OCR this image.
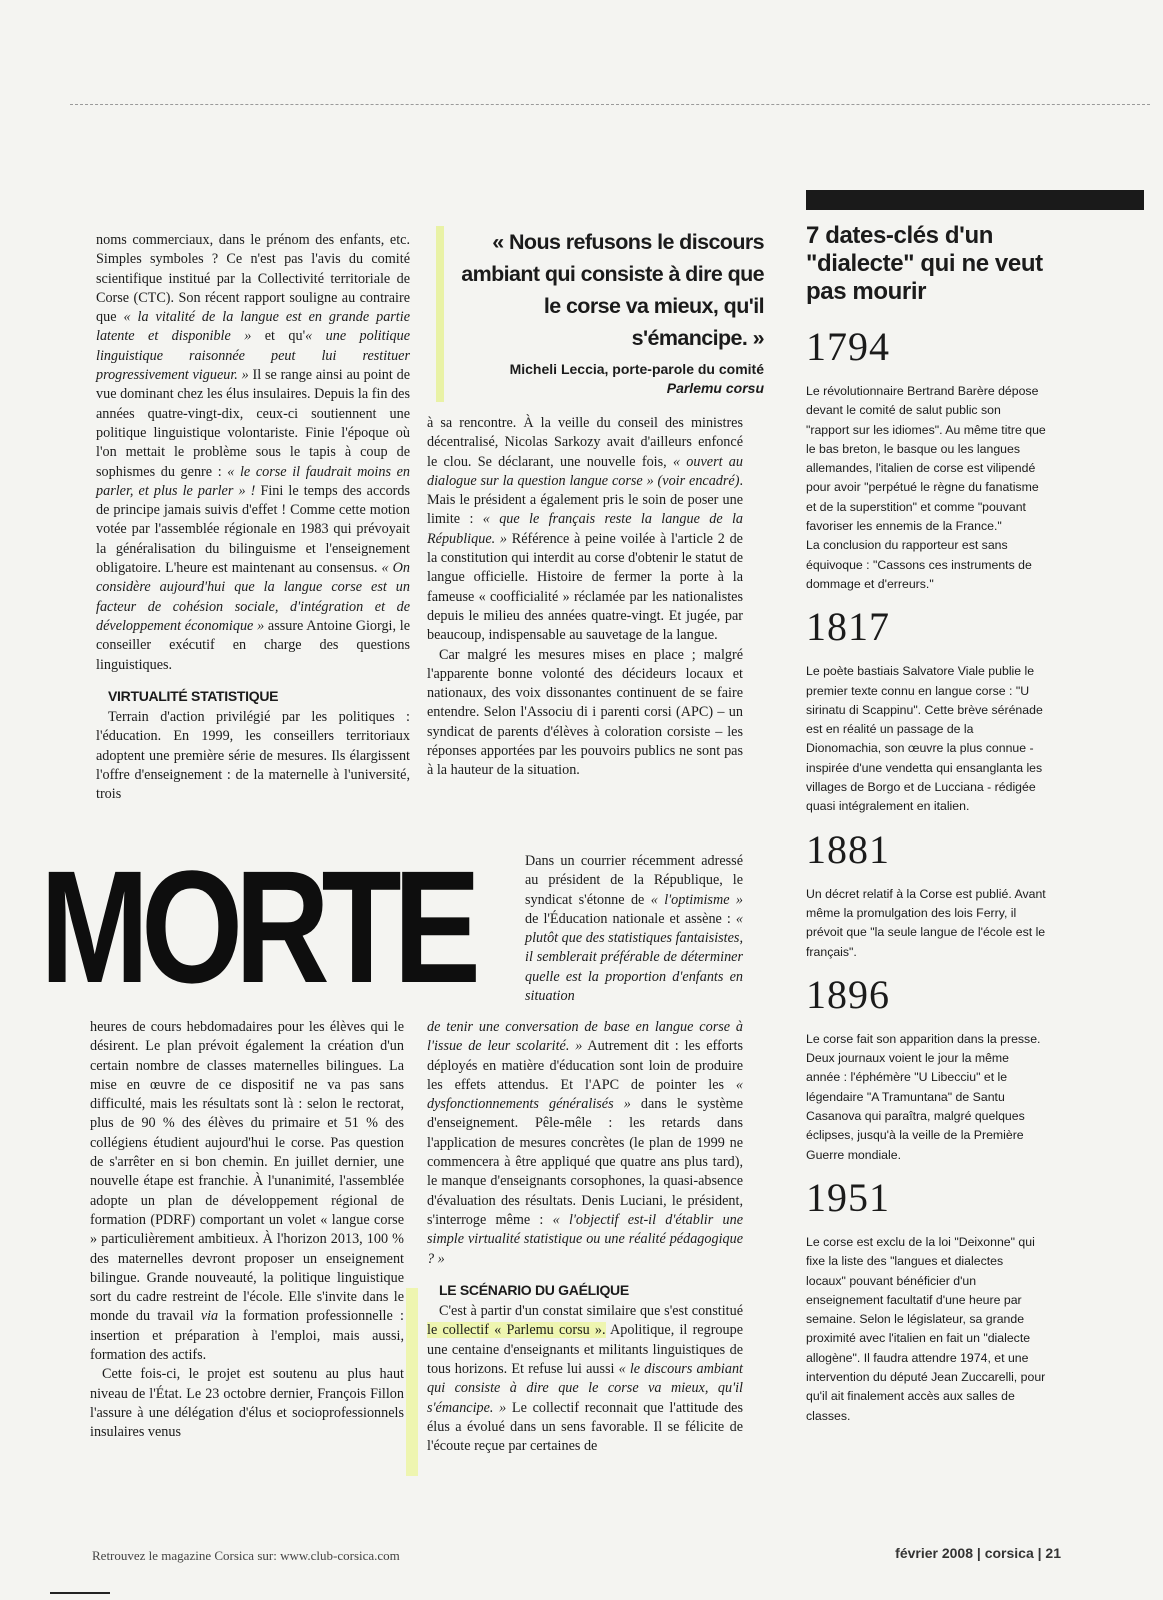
noms commerciaux, dans le prénom des enfants, etc. Simples symboles ? Ce n'est pas l'avis du comité scientifique institué par la Collectivité territoriale de Corse (CTC). Son récent rapport souligne au contraire que « la vitalité de la langue est en grande partie latente et disponible » et qu'« une politique linguistique raisonnée peut lui restituer progressivement vigueur. » Il se range ainsi au point de vue dominant chez les élus insulaires. Depuis la fin des années quatre-vingt-dix, ceux-ci soutiennent une politique linguistique volontariste. Finie l'époque où l'on mettait le problème sous le tapis à coup de sophismes du genre : « le corse il faudrait moins en parler, et plus le parler » ! Fini le temps des accords de principe jamais suivis d'effet ! Comme cette motion votée par l'assemblée régionale en 1983 qui prévoyait la généralisation du bilinguisme et l'enseignement obligatoire. L'heure est maintenant au consensus. « On considère aujourd'hui que la langue corse est un facteur de cohésion sociale, d'intégration et de développement économique » assure Antoine Giorgi, le conseiller exécutif en charge des questions linguistiques.

VIRTUALITÉ STATISTIQUE

Terrain d'action privilégié par les politiques : l'éducation. En 1999, les conseillers territoriaux adoptent une première série de mesures. Ils élargissent l'offre d'enseignement : de la maternelle à l'université, trois

MORTE

heures de cours hebdomadaires pour les élèves qui le désirent. Le plan prévoit également la création d'un certain nombre de classes maternelles bilingues. La mise en œuvre de ce dispositif ne va pas sans difficulté, mais les résultats sont là : selon le rectorat, plus de 90 % des élèves du primaire et 51 % des collégiens étudient aujourd'hui le corse. Pas question de s'arrêter en si bon chemin. En juillet dernier, une nouvelle étape est franchie. À l'unanimité, l'assemblée adopte un plan de développement régional de formation (PDRF) comportant un volet « langue corse » particulièrement ambitieux. À l'horizon 2013, 100 % des maternelles devront proposer un enseignement bilingue. Grande nouveauté, la politique linguistique sort du cadre restreint de l'école. Elle s'invite dans le monde du travail via la formation professionnelle : insertion et préparation à l'emploi, mais aussi, formation des actifs.

Cette fois-ci, le projet est soutenu au plus haut niveau de l'État. Le 23 octobre dernier, François Fillon l'assure à une délégation d'élus et socioprofessionnels insulaires venus

« Nous refusons le discours ambiant qui consiste à dire que le corse va mieux, qu'il s'émancipe. »

Micheli Leccia, porte-parole du comité
Parlemu corsu

à sa rencontre. À la veille du conseil des ministres décentralisé, Nicolas Sarkozy avait d'ailleurs enfoncé le clou. Se déclarant, une nouvelle fois, « ouvert au dialogue sur la question langue corse » (voir encadré). Mais le président a également pris le soin de poser une limite : « que le français reste la langue de la République. » Référence à peine voilée à l'article 2 de la constitution qui interdit au corse d'obtenir le statut de langue officielle. Histoire de fermer la porte à la fameuse « coofficialité » réclamée par les nationalistes depuis le milieu des années quatre-vingt. Et jugée, par beaucoup, indispensable au sauvetage de la langue.

Car malgré les mesures mises en place ; malgré l'apparente bonne volonté des décideurs locaux et nationaux, des voix dissonantes continuent de se faire entendre. Selon l'Associu di i parenti corsi (APC) – un syndicat de parents d'élèves à coloration corsiste – les réponses apportées par les pouvoirs publics ne sont pas à la hauteur de la situation.

Dans un courrier récemment adressé au président de la République, le syndicat s'étonne de « l'optimisme » de l'Éducation nationale et assène : « plutôt que des statistiques fantaisistes, il semblerait préférable de déterminer quelle est la proportion d'enfants en situation

de tenir une conversation de base en langue corse à l'issue de leur scolarité. » Autrement dit : les efforts déployés en matière d'éducation sont loin de produire les effets attendus. Et l'APC de pointer les « dysfonctionnements généralisés » dans le système d'enseignement. Pêle-mêle : les retards dans l'application de mesures concrètes (le plan de 1999 ne commencera à être appliqué que quatre ans plus tard), le manque d'enseignants corsophones, la quasi-absence d'évaluation des résultats. Denis Luciani, le président, s'interroge même : « l'objectif est-il d'établir une simple virtualité statistique ou une réalité pédagogique ? »

LE SCÉNARIO DU GAÉLIQUE

C'est à partir d'un constat similaire que s'est constitué le collectif « Parlemu corsu ». Apolitique, il regroupe une centaine d'enseignants et militants linguistiques de tous horizons. Et refuse lui aussi « le discours ambiant qui consiste à dire que le corse va mieux, qu'il s'émancipe. » Le collectif reconnait que l'attitude des élus a évolué dans un sens favorable. Il se félicite de l'écoute reçue par certaines de

7 dates-clés d'un "dialecte" qui ne veut pas mourir

1794

Le révolutionnaire Bertrand Barère dépose devant le comité de salut public son "rapport sur les idiomes". Au même titre que le bas breton, le basque ou les langues allemandes, l'italien de corse est vilipendé pour avoir "perpétué le règne du fanatisme et de la superstition" et comme "pouvant favoriser les ennemis de la France."

La conclusion du rapporteur est sans équivoque : "Cassons ces instruments de dommage et d'erreurs."

1817

Le poète bastiais Salvatore Viale publie le premier texte connu en langue corse : "U sirinatu di Scappinu". Cette brève sérénade est en réalité un passage de la Dionomachia, son œuvre la plus connue - inspirée d'une vendetta qui ensanglanta les villages de Borgo et de Lucciana - rédigée quasi intégralement en italien.

1881

Un décret relatif à la Corse est publié. Avant même la promulgation des lois Ferry, il prévoit que "la seule langue de l'école est le français".

1896

Le corse fait son apparition dans la presse. Deux journaux voient le jour la même année : l'éphémère "U Libecciu" et le légendaire "A Tramuntana" de Santu Casanova qui paraîtra, malgré quelques éclipses, jusqu'à la veille de la Première Guerre mondiale.

1951

Le corse est exclu de la loi "Deixonne" qui fixe la liste des "langues et dialectes locaux" pouvant bénéficier d'un enseignement facultatif d'une heure par semaine. Selon le législateur, sa grande proximité avec l'italien en fait un "dialecte allogène". Il faudra attendre 1974, et une intervention du député Jean Zuccarelli, pour qu'il ait finalement accès aux salles de classes.

Retrouvez le magazine Corsica sur: www.club-corsica.com	février 2008 | corsica | 21
